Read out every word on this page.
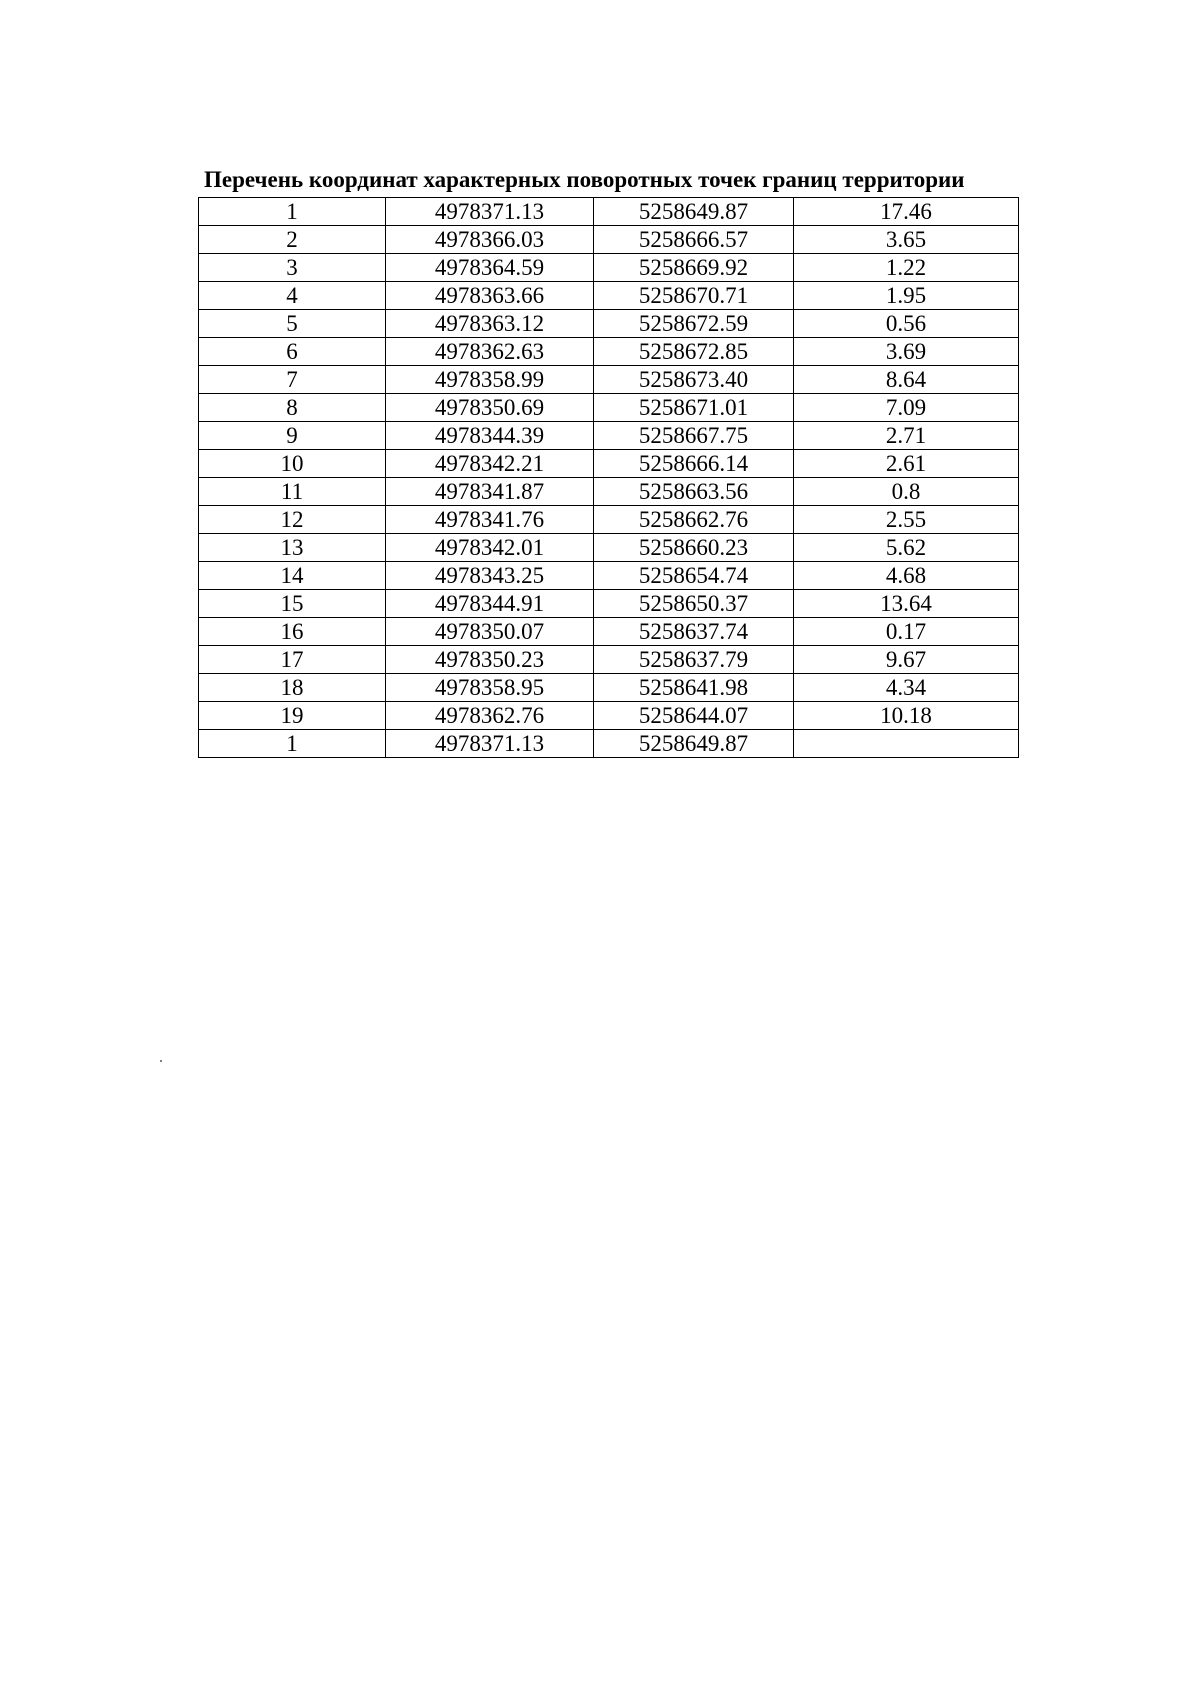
Перечень координат характерных поворотных точек границ территории
1	4978371.13	5258649.87	17.46
2	4978366.03	5258666.57	3.65
3	4978364.59	5258669.92	1.22
4	4978363.66	5258670.71	1.95
5	4978363.12	5258672.59	0.56
6	4978362.63	5258672.85	3.69
7	4978358.99	5258673.40	8.64
8	4978350.69	5258671.01	7.09
9	4978344.39	5258667.75	2.71
10	4978342.21	5258666.14	2.61
11	4978341.87	5258663.56	0.8
12	4978341.76	5258662.76	2.55
13	4978342.01	5258660.23	5.62
14	4978343.25	5258654.74	4.68
15	4978344.91	5258650.37	13.64
16	4978350.07	5258637.74	0.17
17	4978350.23	5258637.79	9.67
18	4978358.95	5258641.98	4.34
19	4978362.76	5258644.07	10.18
1	4978371.13	5258649.87	
